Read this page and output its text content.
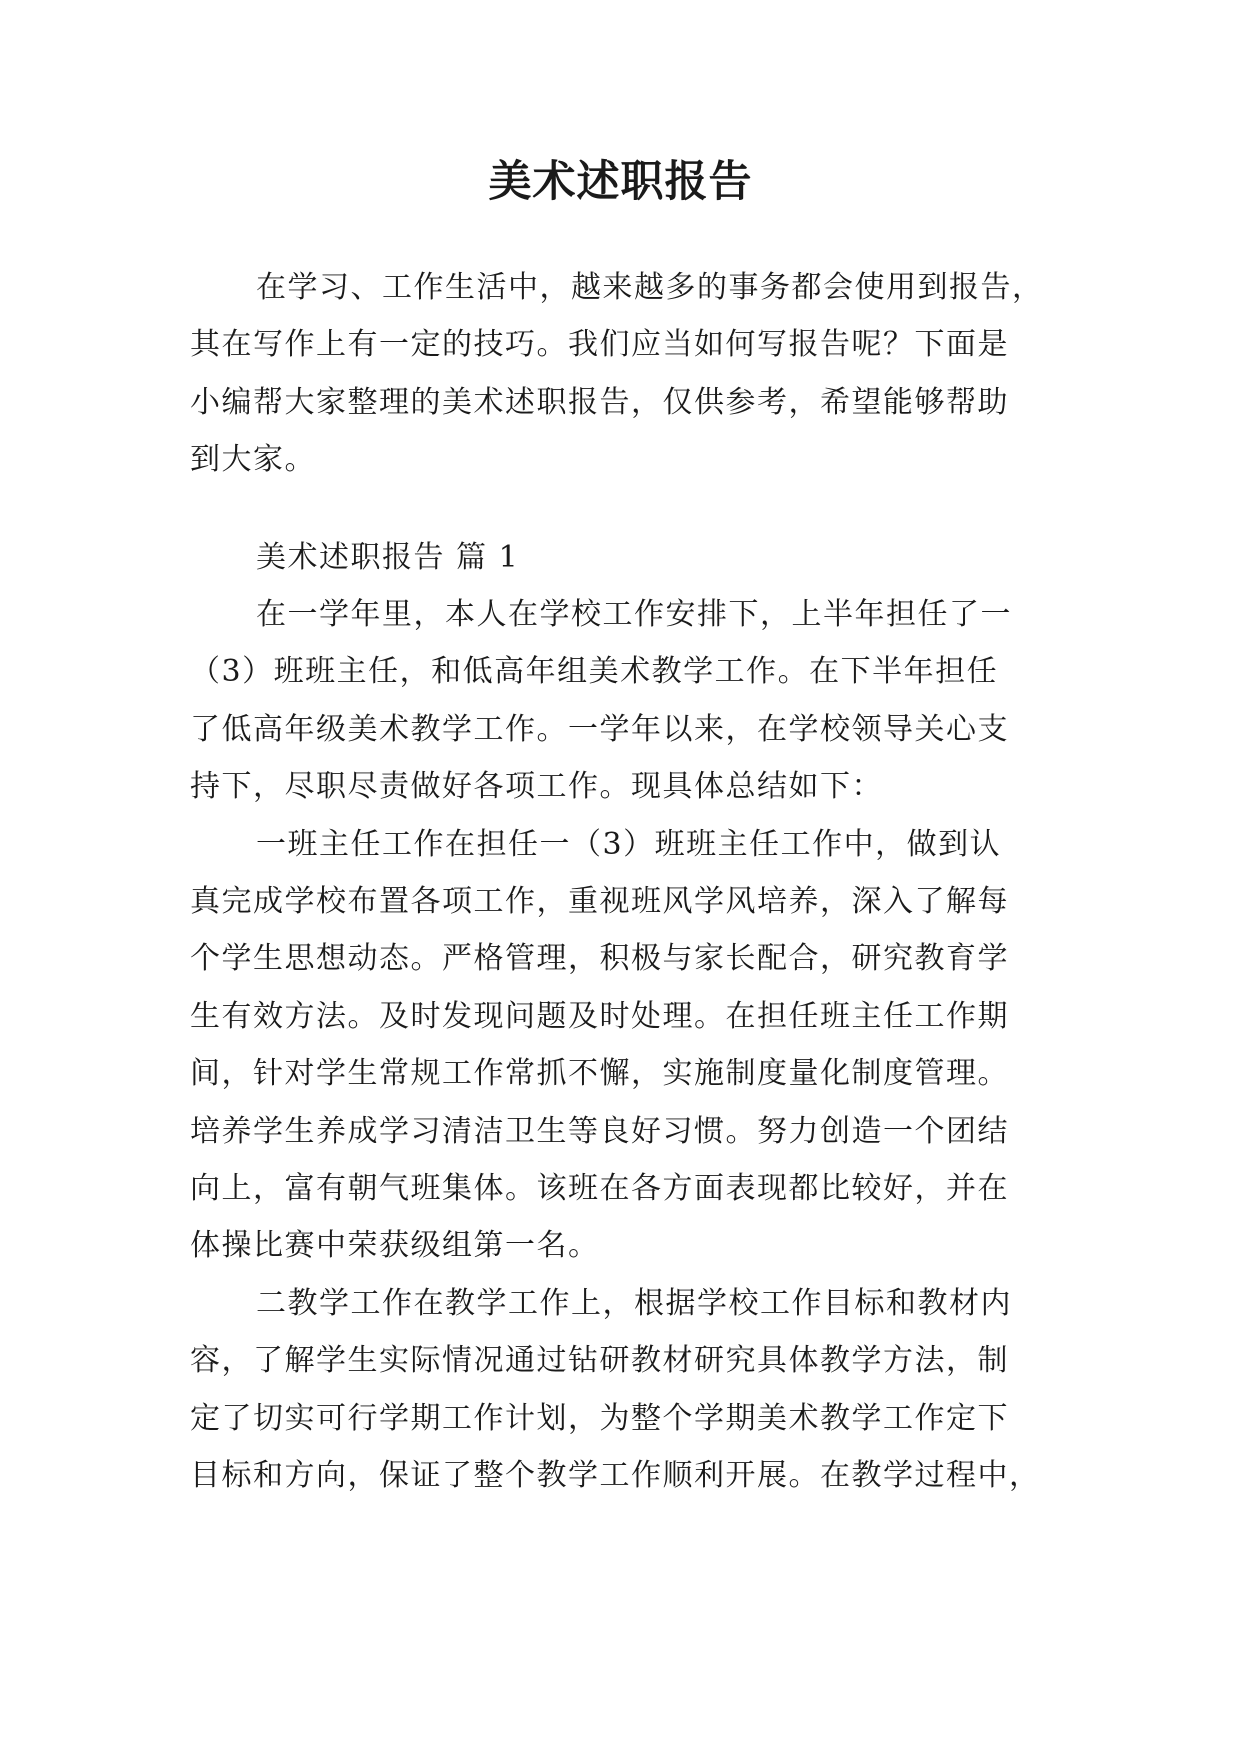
美术述职报告

在学习、工作生活中，越来越多的事务都会使用到报告，

其在写作上有一定的技巧。我们应当如何写报告呢？下面是

小编帮大家整理的美术述职报告，仅供参考，希望能够帮助

到大家。

美术述职报告 篇 1

在一学年里，本人在学校工作安排下，上半年担任了一

（3）班班主任，和低高年组美术教学工作。在下半年担任

了低高年级美术教学工作。一学年以来，在学校领导关心支

持下，尽职尽责做好各项工作。现具体总结如下：

一班主任工作在担任一（3）班班主任工作中，做到认

真完成学校布置各项工作，重视班风学风培养，深入了解每

个学生思想动态。严格管理，积极与家长配合，研究教育学

生有效方法。及时发现问题及时处理。在担任班主任工作期

间，针对学生常规工作常抓不懈，实施制度量化制度管理。

培养学生养成学习清洁卫生等良好习惯。努力创造一个团结

向上，富有朝气班集体。该班在各方面表现都比较好，并在

体操比赛中荣获级组第一名。

二教学工作在教学工作上，根据学校工作目标和教材内

容，了解学生实际情况通过钻研教材研究具体教学方法，制

定了切实可行学期工作计划，为整个学期美术教学工作定下

目标和方向，保证了整个教学工作顺利开展。在教学过程中，
